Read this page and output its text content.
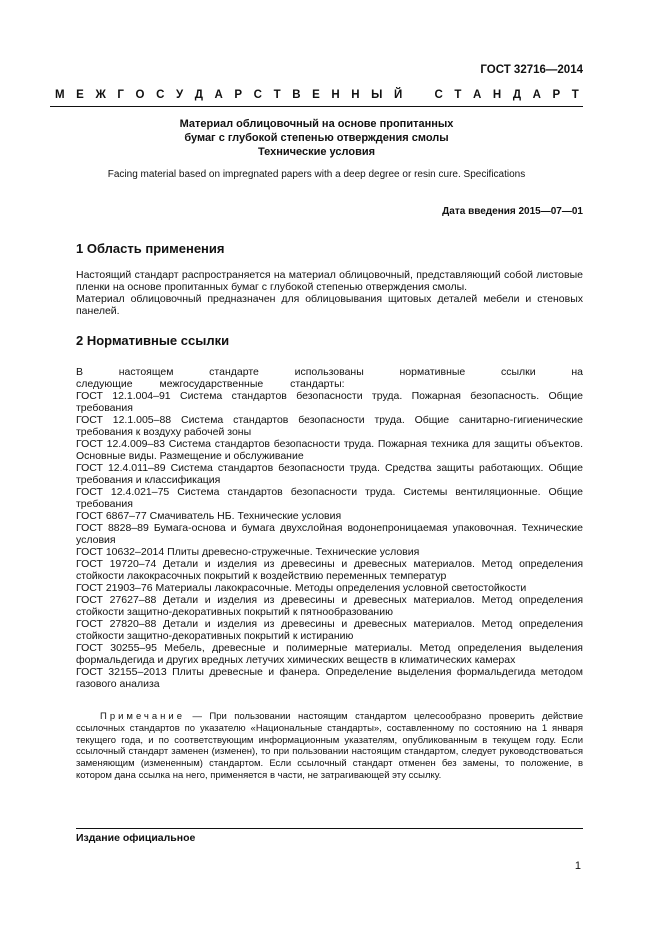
ГОСТ 32716—2014
М Е Ж Г О С У Д А Р С Т В Е Н Н Ы Й С Т А Н Д А Р Т
Материал облицовочный на основе пропитанных
бумаг с глубокой степенью отверждения смолы
Технические условия
Facing material based on impregnated papers with a deep degree or resin cure. Specifications
Дата введения 2015—07—01
1 Область применения

Настоящий стандарт распространяется на материал облицовочный, представляющий собой листовые пленки на основе пропитанных бумаг с глубокой степенью отверждения смолы.

Материал облицовочный предназначен для облицовывания щитовых деталей мебели и стеновых панелей.

2 Нормативные ссылки

В настоящем стандарте использованы нормативные ссылки на следующие межгосударственные стандарты:

ГОСТ 12.1.004–91 Система стандартов безопасности труда. Пожарная безопасность. Общие требования

ГОСТ 12.1.005–88 Система стандартов безопасности труда. Общие санитарно-гигиенические требования к воздуху рабочей зоны

ГОСТ 12.4.009–83 Система стандартов безопасности труда. Пожарная техника для защиты объектов. Основные виды. Размещение и обслуживание

ГОСТ 12.4.011–89 Система стандартов безопасности труда. Средства защиты работающих. Общие требования и классификация

ГОСТ 12.4.021–75 Система стандартов безопасности труда. Системы вентиляционные. Общие требования

ГОСТ 6867–77 Смачиватель НБ. Технические условия

ГОСТ 8828–89 Бумага-основа и бумага двухслойная водонепроницаемая упаковочная. Технические условия

ГОСТ 10632–2014 Плиты древесно-стружечные. Технические условия

ГОСТ 19720–74 Детали и изделия из древесины и древесных материалов. Метод определения стойкости лакокрасочных покрытий к воздействию переменных температур

ГОСТ 21903–76 Материалы лакокрасочные. Методы определения условной светостойкости

ГОСТ 27627–88 Детали и изделия из древесины и древесных материалов. Метод определения стойкости защитно-декоративных покрытий к пятнообразованию

ГОСТ 27820–88 Детали и изделия из древесины и древесных материалов. Метод определения стойкости защитно-декоративных покрытий к истиранию

ГОСТ 30255–95 Мебель, древесные и полимерные материалы. Метод определения выделения формальдегида и других вредных летучих химических веществ в климатических камерах

ГОСТ 32155–2013 Плиты древесные и фанера. Определение выделения формальдегида методом газового анализа

Примечание — При пользовании настоящим стандартом целесообразно проверить действие ссылочных стандартов по указателю «Национальные стандарты», составленному по состоянию на 1 января текущего года, и по соответствующим информационным указателям, опубликованным в текущем году. Если ссылочный стандарт заменен (изменен), то при пользовании настоящим стандартом, следует руководствоваться заменяющим (измененным) стандартом. Если ссылочный стандарт отменен без замены, то положение, в котором дана ссылка на него, применяется в части, не затрагивающей эту ссылку.
Издание официальное
1
